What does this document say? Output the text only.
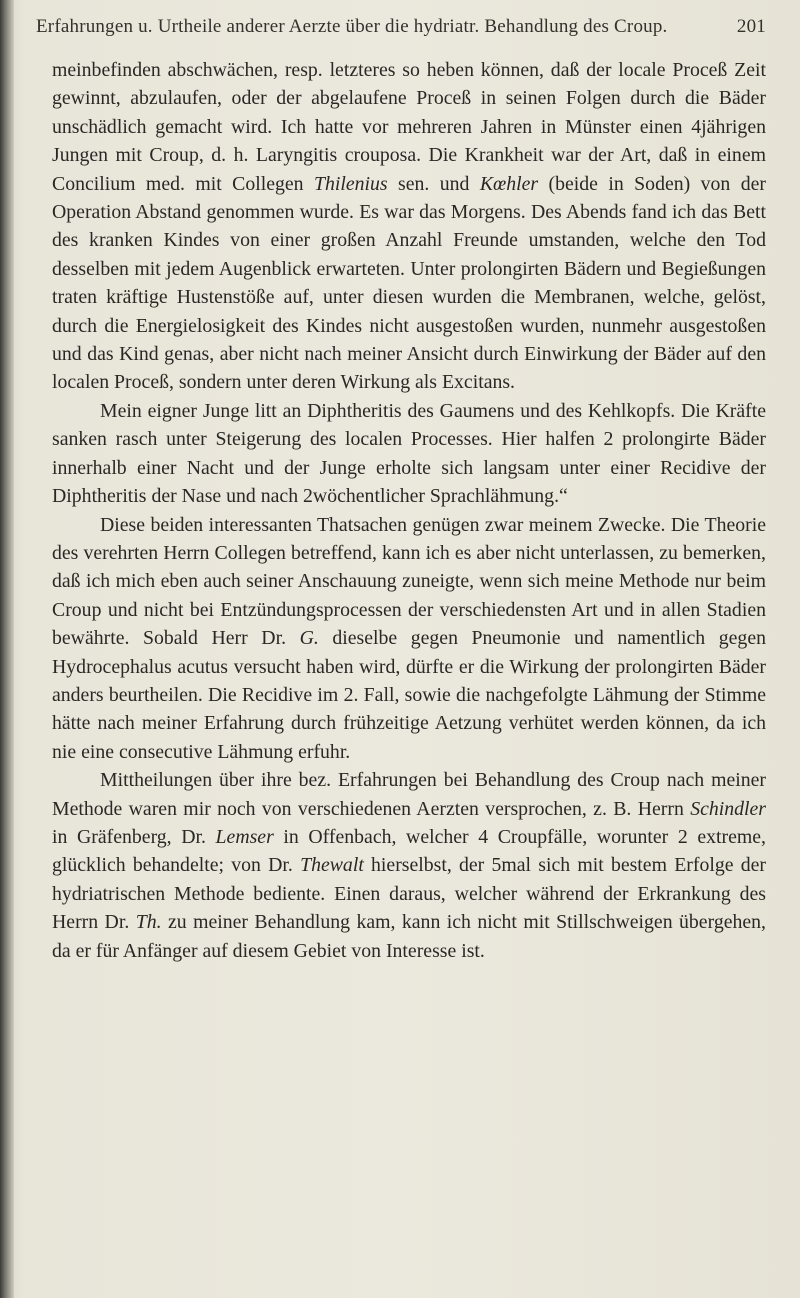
Erfahrungen u. Urtheile anderer Aerzte über die hydriatr. Behandlung des Croup.	201

meinbefinden abschwächen, resp. letzteres so heben können, daß der locale Proceß Zeit gewinnt, abzulaufen, oder der abgelaufene Proceß in seinen Folgen durch die Bäder unschädlich gemacht wird. Ich hatte vor mehreren Jahren in Münster einen 4jährigen Jungen mit Croup, d. h. Laryngitis crouposa. Die Krankheit war der Art, daß in einem Concilium med. mit Collegen Thilenius sen. und Kœhler (beide in Soden) von der Operation Abstand genommen wurde. Es war das Morgens. Des Abends fand ich das Bett des kranken Kindes von einer großen Anzahl Freunde umstanden, welche den Tod desselben mit jedem Augenblick erwarteten. Unter prolongirten Bädern und Begießungen traten kräftige Hustenstöße auf, unter diesen wurden die Membranen, welche, gelöst, durch die Energielosigkeit des Kindes nicht ausgestoßen wurden, nunmehr ausgestoßen und das Kind genas, aber nicht nach meiner Ansicht durch Einwirkung der Bäder auf den localen Proceß, sondern unter deren Wirkung als Excitans.

Mein eigner Junge litt an Diphtheritis des Gaumens und des Kehlkopfs. Die Kräfte sanken rasch unter Steigerung des localen Processes. Hier halfen 2 prolongirte Bäder innerhalb einer Nacht und der Junge erholte sich langsam unter einer Recidive der Diphtheritis der Nase und nach 2wöchentlicher Sprachlähmung.“

Diese beiden interessanten Thatsachen genügen zwar meinem Zwecke. Die Theorie des verehrten Herrn Collegen betreffend, kann ich es aber nicht unterlassen, zu bemerken, daß ich mich eben auch seiner Anschauung zuneigte, wenn sich meine Methode nur beim Croup und nicht bei Entzündungsprocessen der verschiedensten Art und in allen Stadien bewährte. Sobald Herr Dr. G. dieselbe gegen Pneumonie und namentlich gegen Hydrocephalus acutus versucht haben wird, dürfte er die Wirkung der prolongirten Bäder anders beurtheilen. Die Recidive im 2. Fall, sowie die nachgefolgte Lähmung der Stimme hätte nach meiner Erfahrung durch frühzeitige Aetzung verhütet werden können, da ich nie eine consecutive Lähmung erfuhr.

Mittheilungen über ihre bez. Erfahrungen bei Behandlung des Croup nach meiner Methode waren mir noch von verschiedenen Aerzten versprochen, z. B. Herrn Schindler in Gräfenberg, Dr. Lemser in Offenbach, welcher 4 Croupfälle, worunter 2 extreme, glücklich behandelte; von Dr. Thewalt hierselbst, der 5mal sich mit bestem Erfolge der hydriatrischen Methode bediente. Einen daraus, welcher während der Erkrankung des Herrn Dr. Th. zu meiner Behandlung kam, kann ich nicht mit Stillschweigen übergehen, da er für Anfänger auf diesem Gebiet von Interesse ist.
